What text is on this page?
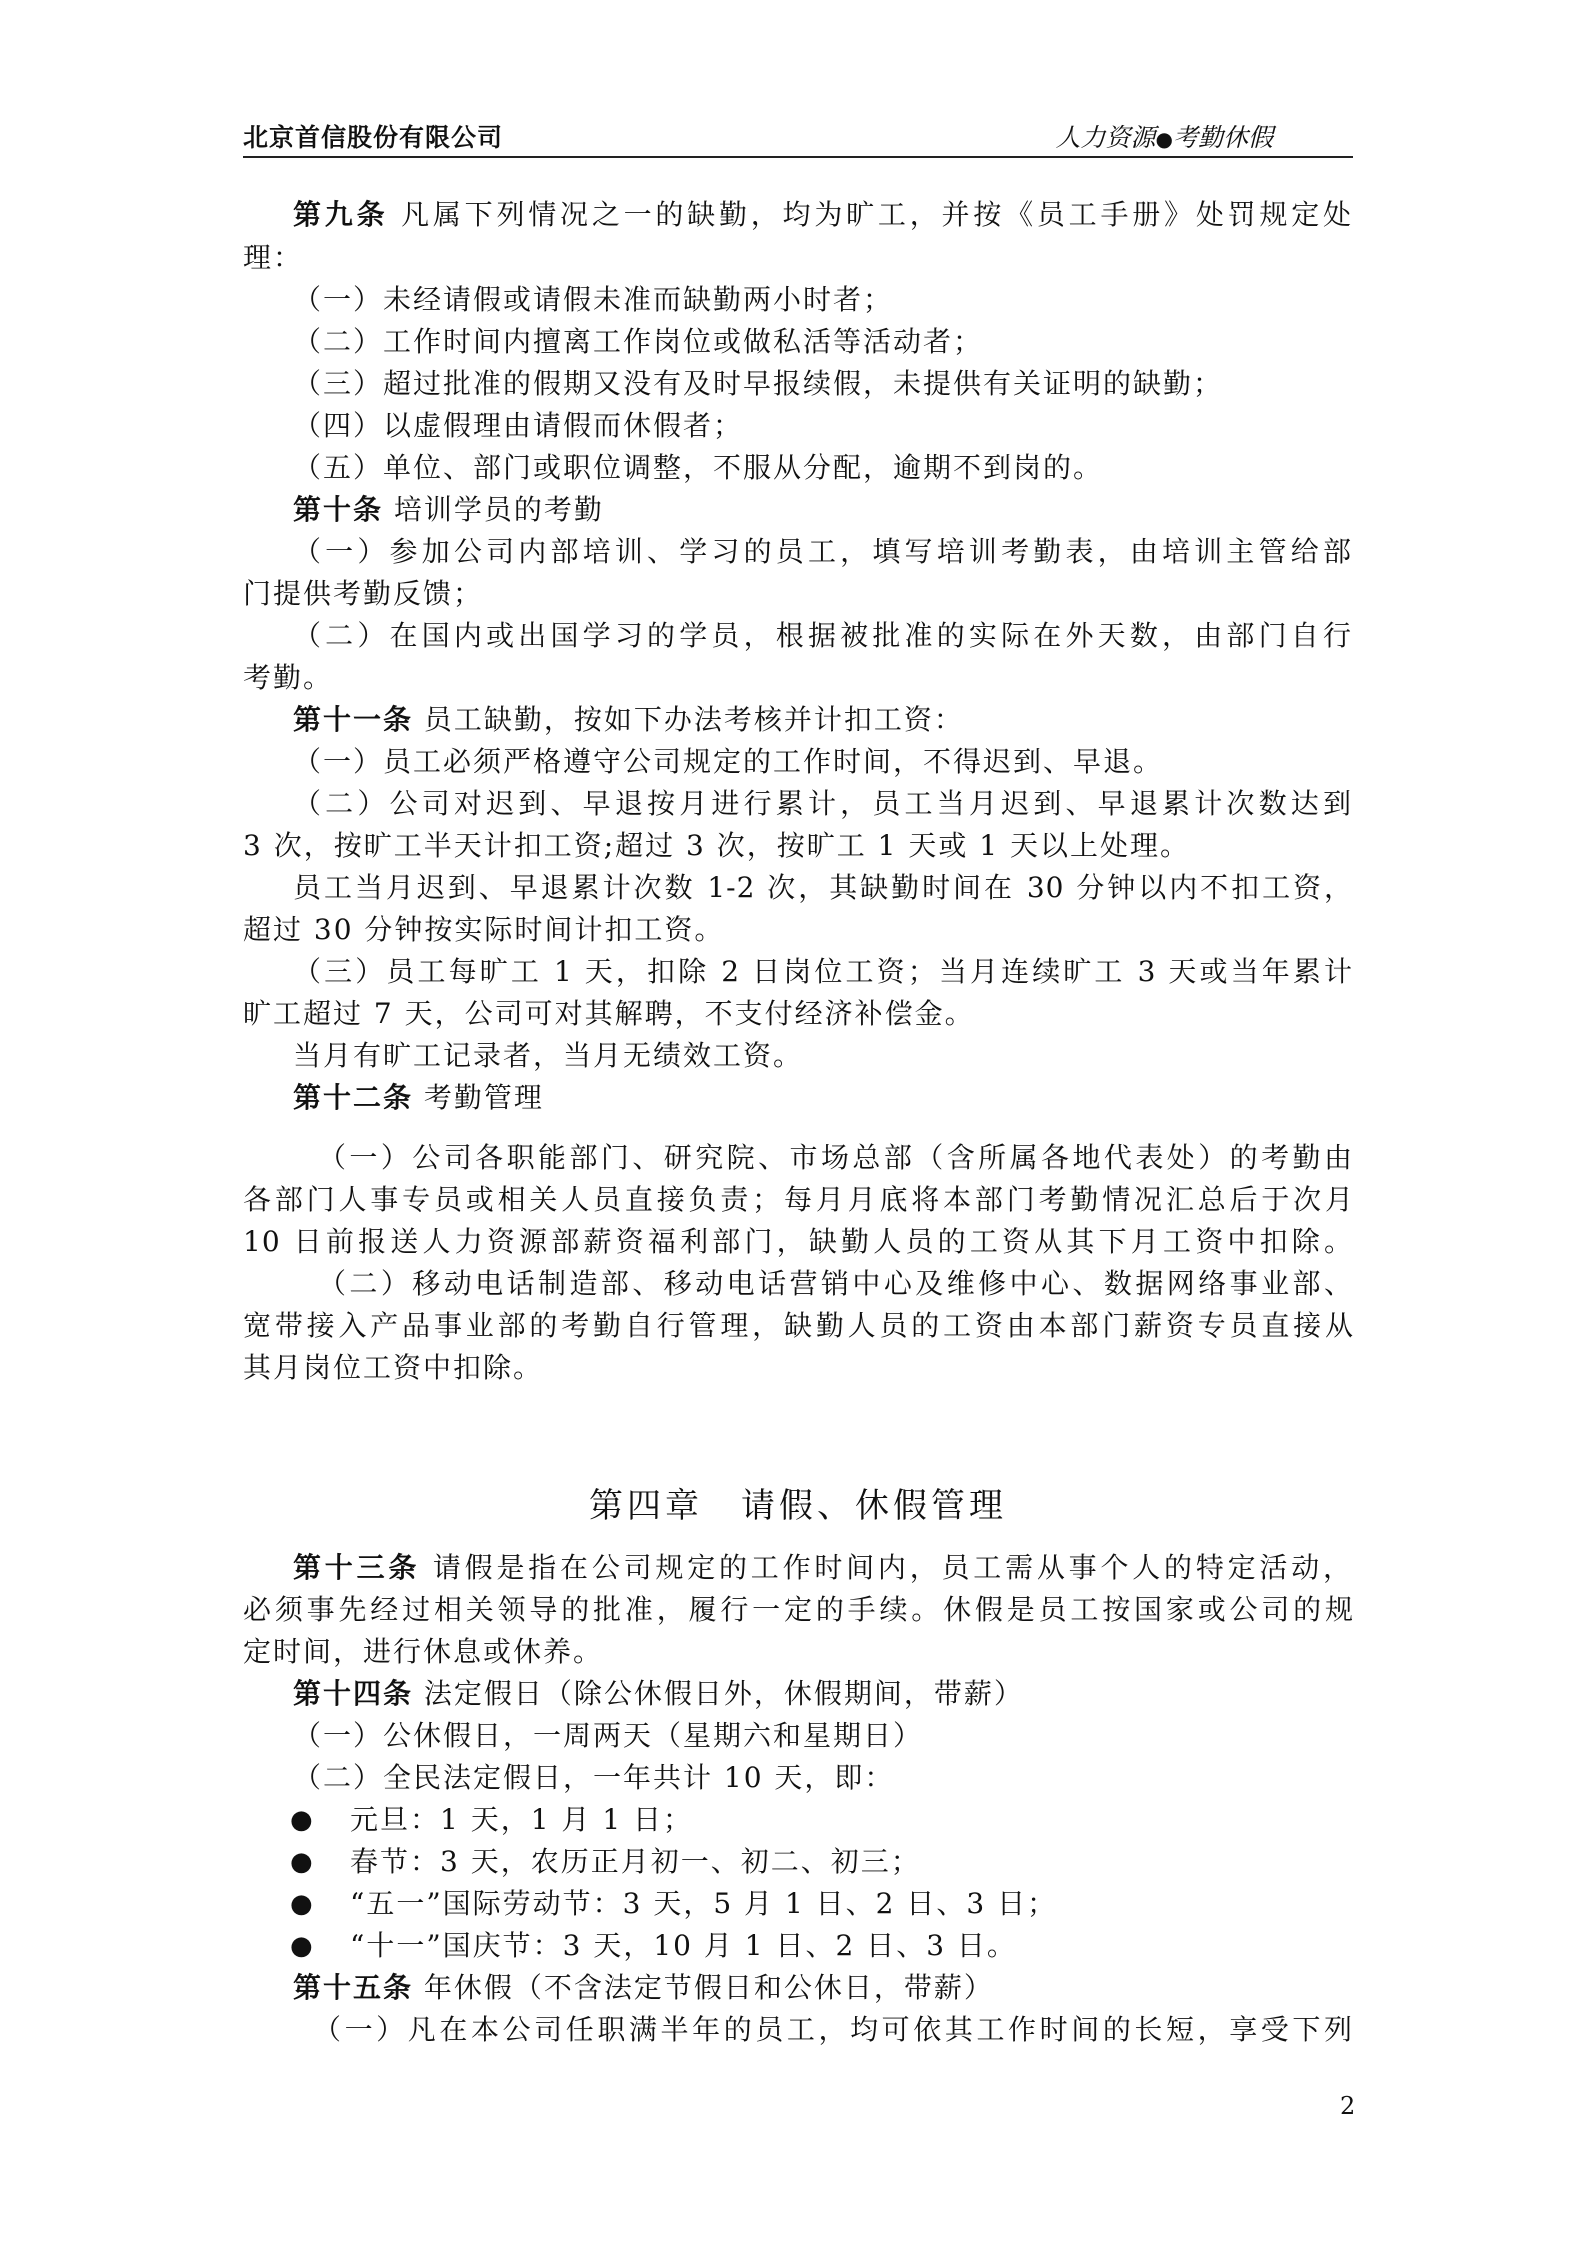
北京首信股份有限公司	人力资源●考勤休假
第九条 凡属下列情况之一的缺勤，均为旷工，并按《员工手册》处罚规定处
理：
（一）未经请假或请假未准而缺勤两小时者；
（二）工作时间内擅离工作岗位或做私活等活动者；
（三）超过批准的假期又没有及时早报续假，未提供有关证明的缺勤；
（四）以虚假理由请假而休假者；
（五）单位、部门或职位调整，不服从分配，逾期不到岗的。
第十条 培训学员的考勤
（一）参加公司内部培训、学习的员工，填写培训考勤表，由培训主管给部
门提供考勤反馈；
（二）在国内或出国学习的学员，根据被批准的实际在外天数，由部门自行
考勤。
第十一条 员工缺勤，按如下办法考核并计扣工资：
（一）员工必须严格遵守公司规定的工作时间，不得迟到、早退。
（二）公司对迟到、早退按月进行累计，员工当月迟到、早退累计次数达到
3 次，按旷工半天计扣工资;超过 3 次，按旷工 1 天或 1 天以上处理。
员工当月迟到、早退累计次数 1-2 次，其缺勤时间在 30 分钟以内不扣工资，
超过 30 分钟按实际时间计扣工资。
（三）员工每旷工 1 天，扣除 2 日岗位工资；当月连续旷工 3 天或当年累计
旷工超过 7 天，公司可对其解聘，不支付经济补偿金。
当月有旷工记录者，当月无绩效工资。
第十二条 考勤管理
（一）公司各职能部门、研究院、市场总部（含所属各地代表处）的考勤由
各部门人事专员或相关人员直接负责；每月月底将本部门考勤情况汇总后于次月
10 日前报送人力资源部薪资福利部门，缺勤人员的工资从其下月工资中扣除。
（二）移动电话制造部、移动电话营销中心及维修中心、数据网络事业部、
宽带接入产品事业部的考勤自行管理，缺勤人员的工资由本部门薪资专员直接从
其月岗位工资中扣除。
第四章　请假、休假管理
第十三条 请假是指在公司规定的工作时间内，员工需从事个人的特定活动，
必须事先经过相关领导的批准，履行一定的手续。休假是员工按国家或公司的规
定时间，进行休息或休养。
第十四条 法定假日（除公休假日外，休假期间，带薪）
（一）公休假日，一周两天（星期六和星期日）
（二）全民法定假日，一年共计 10 天，即：
● 元旦：1 天，1 月 1 日；
● 春节：3 天，农历正月初一、初二、初三；
● “五一”国际劳动节：3 天，5 月 1 日、2 日、3 日；
● “十一”国庆节：3 天，10 月 1 日、2 日、3 日。
第十五条 年休假（不含法定节假日和公休日，带薪）
（一）凡在本公司任职满半年的员工，均可依其工作时间的长短，享受下列
2
